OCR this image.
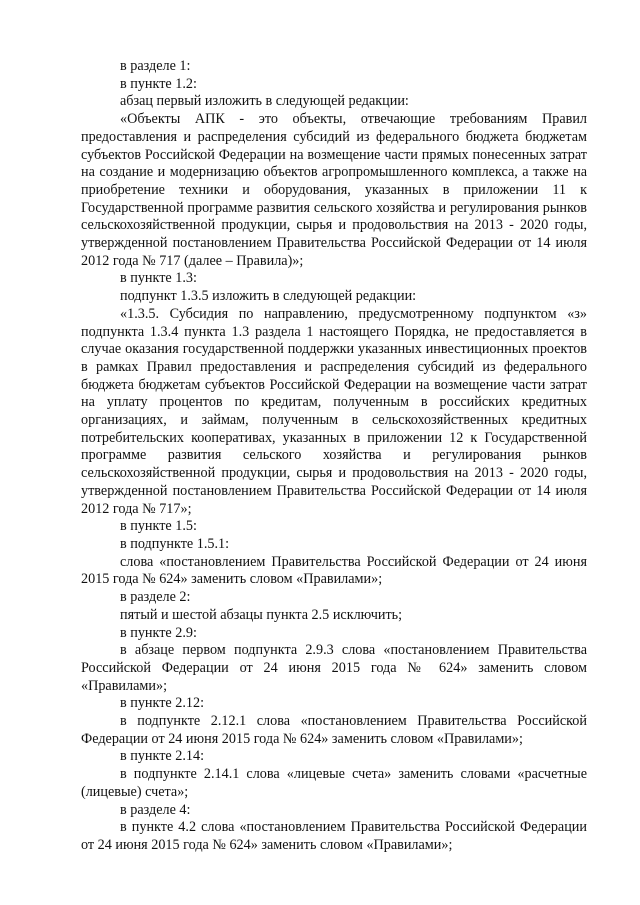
в разделе 1:

в пункте 1.2:

абзац первый изложить в следующей редакции:

«Объекты АПК - это объекты, отвечающие требованиям Правил предоставления и распределения субсидий из федерального бюджета бюджетам субъектов Российской Федерации на возмещение части прямых понесенных затрат на создание и модернизацию объектов агропромышленного комплекса, а также на приобретение техники и оборудования, указанных в приложении 11 к Государственной программе развития сельского хозяйства и регулирования рынков сельскохозяйственной продукции, сырья и продовольствия на 2013 - 2020 годы, утвержденной постановлением Правительства Российской Федерации от 14 июля 2012 года № 717 (далее – Правила)»;

в пункте 1.3:

подпункт 1.3.5 изложить в следующей редакции:

«1.3.5. Субсидия по направлению, предусмотренному подпунктом «з» подпункта 1.3.4 пункта 1.3 раздела 1 настоящего Порядка, не предоставляется в случае оказания государственной поддержки указанных инвестиционных проектов в рамках Правил предоставления и распределения субсидий из федерального бюджета бюджетам субъектов Российской Федерации на возмещение части затрат на уплату процентов по кредитам, полученным в российских кредитных организациях, и займам, полученным в сельскохозяйственных кредитных потребительских кооперативах, указанных в приложении 12 к Государственной программе развития сельского хозяйства и регулирования рынков сельскохозяйственной продукции, сырья и продовольствия на 2013 - 2020 годы, утвержденной постановлением Правительства Российской Федерации от 14 июля 2012 года № 717»;

в пункте 1.5:

в подпункте 1.5.1:

слова «постановлением Правительства Российской Федерации от 24 июня 2015 года № 624» заменить словом «Правилами»;

в разделе 2:

пятый и шестой абзацы пункта 2.5 исключить;

в пункте 2.9:

в абзаце первом подпункта 2.9.3 слова «постановлением Правительства Российской Федерации от 24 июня 2015 года № 624» заменить словом «Правилами»;

в пункте 2.12:

в подпункте 2.12.1 слова «постановлением Правительства Российской Федерации от 24 июня 2015 года № 624» заменить словом «Правилами»;

в пункте 2.14:

в подпункте 2.14.1 слова «лицевые счета» заменить словами «расчетные (лицевые) счета»;

в разделе 4:

в пункте 4.2 слова «постановлением Правительства Российской Федерации от 24 июня 2015 года № 624» заменить словом «Правилами»;
